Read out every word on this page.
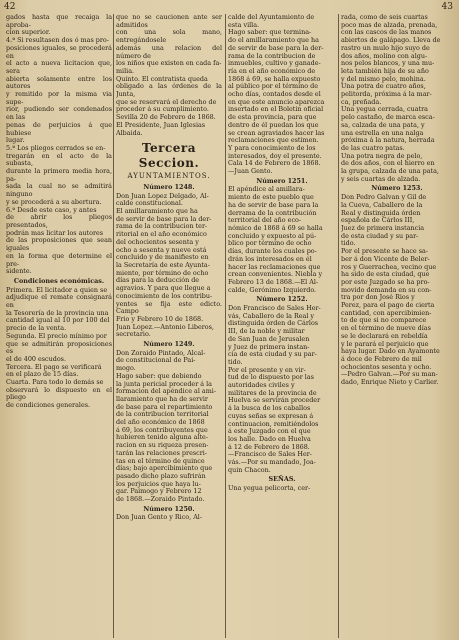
42	43
gados hasta que recaiga la aproba-
cion superior.
4.ª Si resultasen dos ó mas pro-
posiciones iguales, se procederá en
el acto a nueva licitacion que, sera
abierta solamente entre los autores
y remitido por la misma via supe-
rior, pudiendo ser condenados en las
penas de perjuicios á que hubiese
lugar.
5.ª Los pliegos cerrados se en-
tregarán en el acto de la subasta,
durante la primera media hora, pa-
sada la cual no se admitirá ninguno
y se procederá a su abertura.
6.ª Desde este caso, y antes
de abrir los pliegos presentados,
podrán mas licitar los autores
de las proposiciones que sean iguales
en la forma que determine el pre-
sidente.
Condiciones económicas.
Primera. El licitador a quien se
adjudique el remate consignará en
la Tesorería de la provincia una
cantidad igual al 10 por 100 del
precio de la venta.
Segunda. El precio mínimo por
que se admitirán proposiciones es
el de 400 escudos.
Tercera. El pago se verificará
en el plazo de 15 días.
Cuarta. Para todo lo demás se
observará lo dispuesto en el pliego
de condiciones generales.
que no se caucionen ante ser admitidos
con una sola mano, entregándosele
además una relacion del número de
los niños que existen en cada fa-
milia.
Quinto. El contratista queda
obligado a las órdenes de la Junta,
que se reservará el derecho de
proceder á su cumplimiento.
Sevilla 20 de Febrero de 1868.
El Presidente, Juan Iglesias
Albaida.
Tercera Seccion.
AYUNTAMIENTOS.
Número 1248.
Don Juan Lopez Delgado, Al-
calde constitucional.
El amillaramiento que ha
de servir de base para la der-
rama de la contribucion ter-
ritorial en el año económico
del ochocientos sesenta y
ocho a sesenta y nueve está
concluido y de manifiesto en
la Secretaría de este Ayunta-
miento, por término de ocho
días para la deducción de
agravios. Y para que llegue a
conocimiento de los contribu-
yentes se fija este edicto. Campo
Frio y Febrero 10 de 1868.
Juan Lopez.—Antonio Liberos,
secretario.
Número 1249.
Don Zoraido Pintado, Alcal-
de constitucional de Pai-
mogo.
Hago saber: que debiendo
la junta pericial proceder á la
formacion del apéndice al ami-
llaramiento que ha de servir
de base para el repartimiento
de la contribucion territorial
del año económico de 1868
á 69, los contribuyentes que
hubieren tenido alguna alte-
racion en su riqueza presen-
tarán las relaciones prescri-
tas en el término de quince
días; bajo apercibimiento que
pasado dicho plazo sufrirán
los perjuicios que haya lu-
gar. Paimogo y Febrero 12
de 1868.—Zoraido Pintado.
Número 1250.
Don Juan Gento y Rico, Al-
calde del Ayuntamiento de
esta villa.
Hago saber: que termina-
do el amillaramiento que ha
de servir de base para la der-
rama de la contribucion de
inmuebles, cultivo y ganade-
ría en el año económico de
1868 á 69, se halla expuesto
al público por el término de
ocho días, contados desde el
en que este anuncio aparezca
insertado en el Boletin oficial
de esta provincia, para que
dentro de él puedan los que
se crean agraviados hacer las
reclamaciones que estimen.
Y para conocimiento de los
interesados, doy el presente.
Cala 14 de Febrero de 1868.
—Juan Gento.
Número 1251.
El apéndice al amillara-
miento de este pueblo que
ha de servir de base para la
derrama de la contribución
territorial del año eco-
nómico de 1868 á 69 se halla
concluido y expuesto al pú-
blico por término de ocho
días, durante los cuales po-
drán los interesados en él
hacer las reclamaciones que
crean convenientes. Niebla y
Febrero 13 de 1868.—El Al-
calde, Gerónimo Izquierdo.
Número 1252.
Don Francisco de Sales Her-
vás, Caballero de la Real y
distinguida órden de Cárlos
III, de la noble y militar
de San Juan de Jerusalen
y Juez de primera instan-
cia de esta ciudad y su par-
tido.
Por el presente y en vir-
tud de lo dispuesto por las
autoridades civiles y
militares de la provincia de
Huelva se servirán proceder
á la busca de los caballos
cuyas señas se expresan á
continuacion, remitiéndolos
á este Juzgado con el que
los halle. Dado en Huelva
á 12 de Febrero de 1868.
—Francisco de Sales Her-
vás.—Por su mandado, Joa-
quin Chacon.
SEÑAS.
Una yegua pelicorta, cer-
rada, como de seis cuartas
poco mas de alzada, prenada,
con las cascos de las manos
abiertos de galápago. Lleva de
rastro un mulo hijo suyo de
dos años, molino con algu-
nos pelos blancos, y una mu-
leta también hija de su año
y del mismo pelo, mohina.
Una potra de cuatro años,
pelitorda, próxima á la mar-
ca, preñada.
Una yegua cerrada, cuatra
pelo castaño, de marca esca-
sa, calzada de una pata, y
una estrella en una nalga
próxima á la natura, herrada
de las cuatro patas.
Una potra negra de pelo,
de dos años, con el hierro en
la grupa, calzada de una pata,
y seis cuartas de alzada.
Número 1253.
Don Pedro Galvan y Gil de
la Cueva, Caballero de la
Real y distinguida órden
española de Cárlos III,
Juez de primera instancia
de esta ciudad y su par-
tido.
Por el presente se hace sa-
ber á don Vicente de Beler-
ros y Guerrachea, vecino que
ha sido de esta ciudad, que
por este Juzgado se ha pro-
movido demanda en su con-
tra por don José Rios y
Perez, para el pago de cierta
cantidad, con apercibimien-
to de que si no comparece
en el término de nueve días
se le declarará en rebeldía
y le parará el perjuicio que
haya lugar. Dado en Ayamonte
á doce de Febrero de mil
ochocientos sesenta y ocho.
—Pedro Galvan.—Por su man-
dado, Enrique Nieto y Carlier.
